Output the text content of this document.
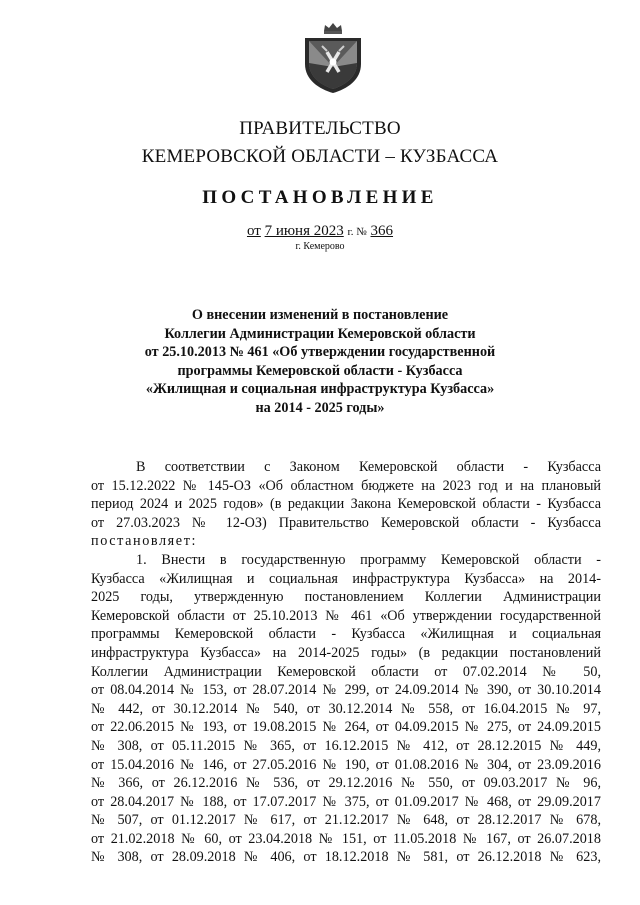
ПРАВИТЕЛЬСТВО
КЕМЕРОВСКОЙ ОБЛАСТИ – КУЗБАССА
ПОСТАНОВЛЕНИЕ
от 7 июня 2023 г. № 366
г. Кемерово
О внесении изменений в постановление
Коллегии Администрации Кемеровской области
от 25.10.2013 № 461 «Об утверждении государственной
программы Кемеровской области - Кузбасса
«Жилищная и социальная инфраструктура Кузбасса»
на 2014 - 2025 годы»
В соответствии с Законом Кемеровской области - Кузбасса
от 15.12.2022 № 145-ОЗ «Об областном бюджете на 2023 год и на плановый
период 2024 и 2025 годов» (в редакции Закона Кемеровской области - Кузбасса
от 27.03.2023 № 12-ОЗ) Правительство Кемеровской области - Кузбасса
постановляет:
1. Внести в государственную программу Кемеровской области -
Кузбасса «Жилищная и социальная инфраструктура Кузбасса» на 2014-
2025 годы, утвержденную постановлением Коллегии Администрации
Кемеровской области от 25.10.2013 № 461 «Об утверждении государственной
программы Кемеровской области - Кузбасса «Жилищная и социальная
инфраструктура Кузбасса» на 2014-2025 годы» (в редакции постановлений
Коллегии Администрации Кемеровской области от 07.02.2014 № 50,
от 08.04.2014 № 153, от 28.07.2014 № 299, от 24.09.2014 № 390, от 30.10.2014
№ 442, от 30.12.2014 № 540, от 30.12.2014 № 558, от 16.04.2015 № 97,
от 22.06.2015 № 193, от 19.08.2015 № 264, от 04.09.2015 № 275, от 24.09.2015
№ 308, от 05.11.2015 № 365, от 16.12.2015 № 412, от 28.12.2015 № 449,
от 15.04.2016 № 146, от 27.05.2016 № 190, от 01.08.2016 № 304, от 23.09.2016
№ 366, от 26.12.2016 № 536, от 29.12.2016 № 550, от 09.03.2017 № 96,
от 28.04.2017 № 188, от 17.07.2017 № 375, от 01.09.2017 № 468, от 29.09.2017
№ 507, от 01.12.2017 № 617, от 21.12.2017 № 648, от 28.12.2017 № 678,
от 21.02.2018 № 60, от 23.04.2018 № 151, от 11.05.2018 № 167, от 26.07.2018
№ 308, от 28.09.2018 № 406, от 18.12.2018 № 581, от 26.12.2018 № 623,
